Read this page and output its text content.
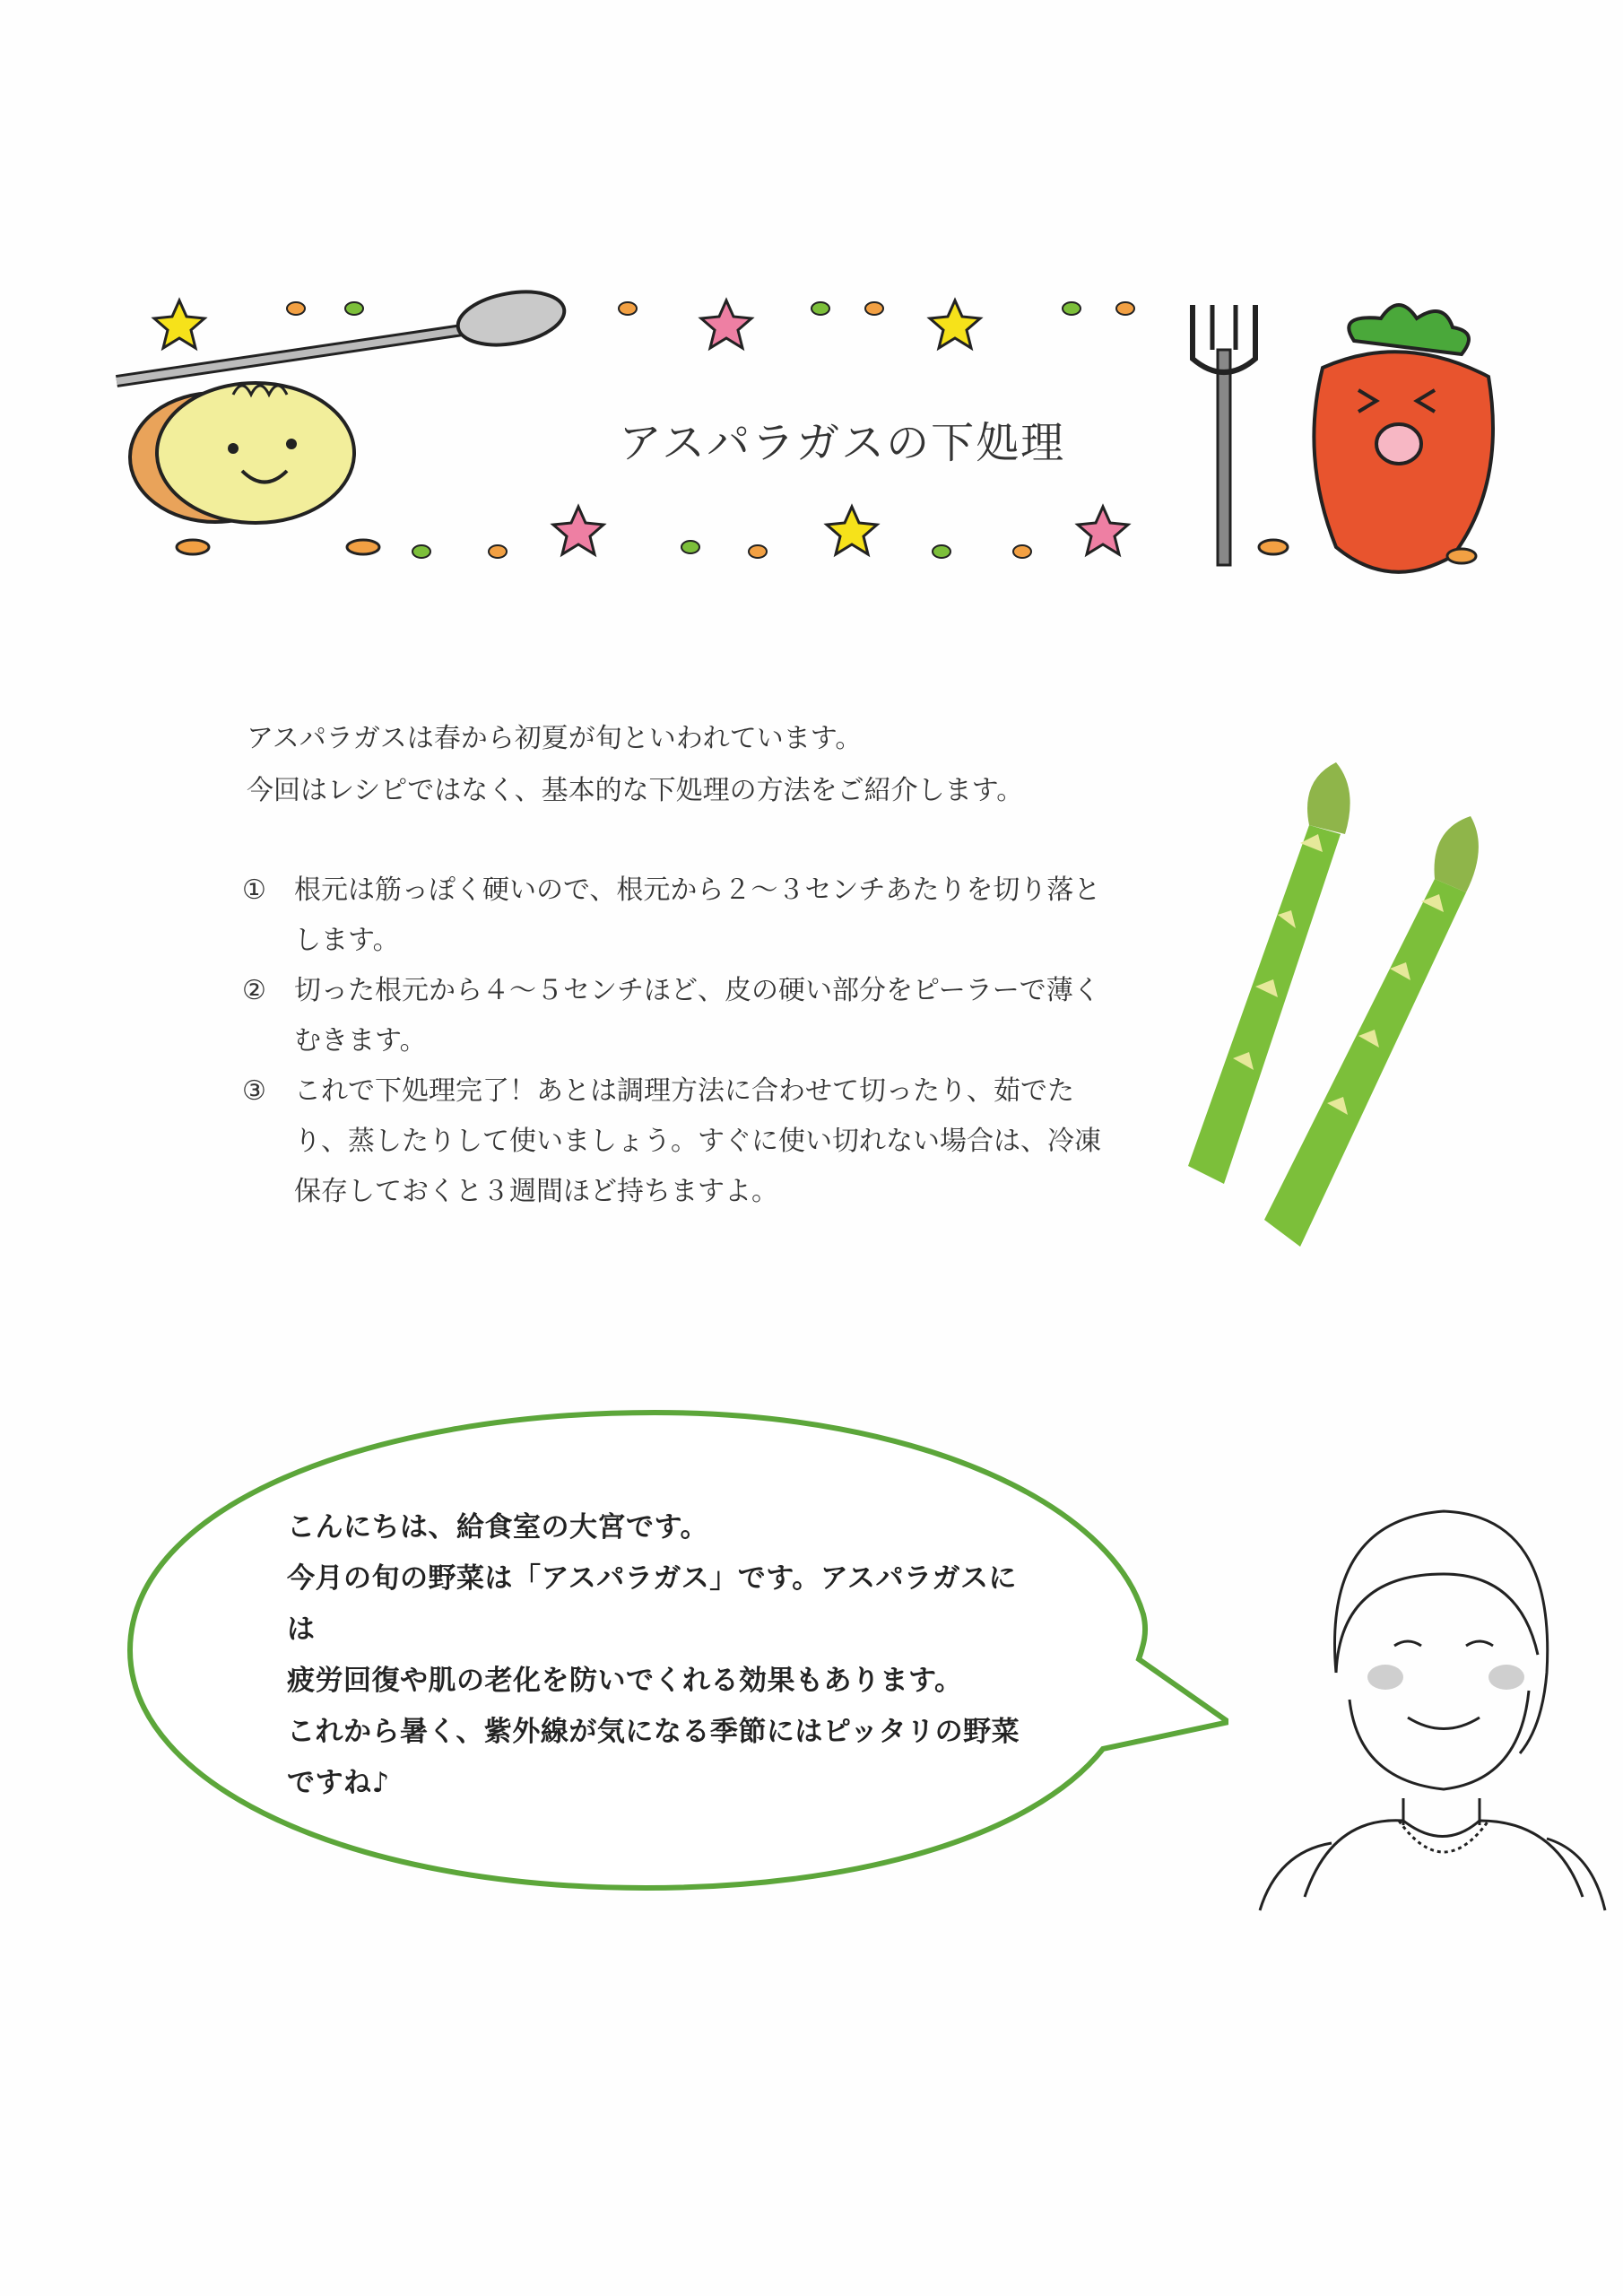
アスパラガスの下処理
アスパラガスは春から初夏が旬といわれています。
今回はレシピではなく、基本的な下処理の方法をご紹介します。
①	根元は筋っぽく硬いので、根元から２〜３センチあたりを切り落とします。
②	切った根元から４〜５センチほど、皮の硬い部分をピーラーで薄くむきます。
③	これで下処理完了！あとは調理方法に合わせて切ったり、茹でたり、蒸したりして使いましょう。すぐに使い切れない場合は、冷凍保存しておくと３週間ほど持ちますよ。
こんにちは、給食室の大宮です。
今月の旬の野菜は「アスパラガス」です。アスパラガスには
疲労回復や肌の老化を防いでくれる効果もあります。
これから暑く、紫外線が気になる季節にはピッタリの野菜
ですね♪
